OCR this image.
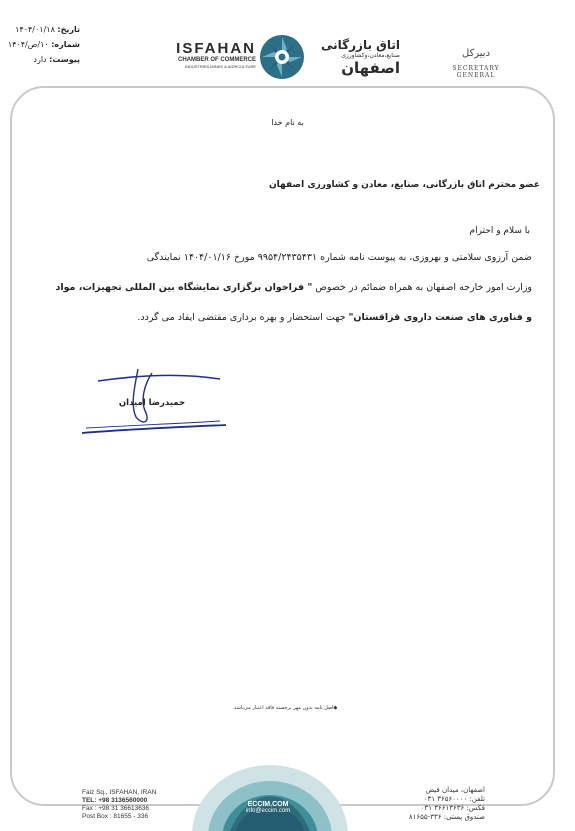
تاریخ: ۱۴۰۴/۰۱/۱۸
شماره: ۱۰/ص/۱۴۰۴
پیوست: دارد
ISFAHAN
CHAMBER OF COMMERCE
INDUSTRIES,MINES & AGRICULTURE
اتاق بازرگانی
صنایع،معادن،وکشاورزی
اصفهان
دبیرکل
SECRETARY GENERAL
به نام خدا
عضو محترم اتاق بازرگانی، صنایع، معادن و کشاورزی اصفهان
با سلام و احترام
ضمن آرزوی سلامتی و بهروزی، به پیوست نامه شماره ۹۹۵۴/۲۴۳۵۴۳۱ مورخ ۱۴۰۴/۰۱/۱۶ نمایندگی
وزارت امور خارجه اصفهان به همراه ضمائم در خصوص " فراخوان برگزاری نمایشگاه بین المللی تجهیزات، مواد
و فناوری های صنعت داروی قزاقستان" جهت استحضار و بهره برداری مقتضی ایفاد می گردد.
حمیدرضا امیدان
◆اصل نامه بدون مهر برجسته فاقد اعتبار می‌باشد.
Faiz Sq., ISFAHAN, IRAN
TEL: +98 3136560000
Fax : +98 31 36613636
Post Box : 81655 - 336
ECCIM.COM
info@eccim.com
اصفهان، میدان فیض
تلفن: ۳۶۵۶۰۰۰۰ ۰۳۱
فکس: ۳۶۶۱۳۶۳۶ ۰۳۱
صندوق پستی: ۳۳۶-۸۱۶۵۵
